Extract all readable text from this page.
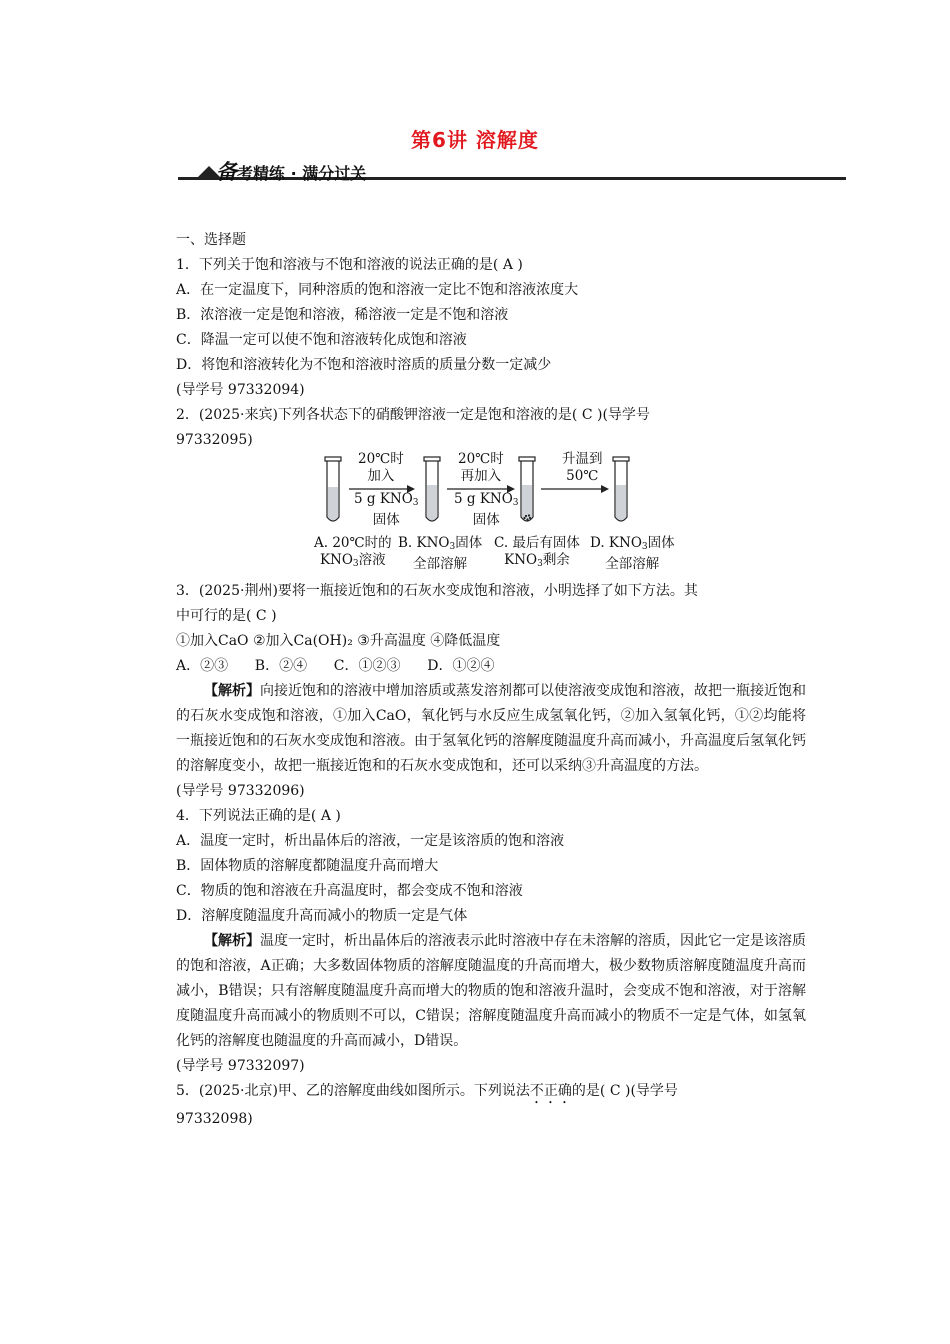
第6讲 溶解度
备考精练 · 满分过关
一、选择题
1．下列关于饱和溶液与不饱和溶液的说法正确的是( A )
A．在一定温度下，同种溶质的饱和溶液一定比不饱和溶液浓度大
B．浓溶液一定是饱和溶液，稀溶液一定是不饱和溶液
C．降温一定可以使不饱和溶液转化成饱和溶液
D．将饱和溶液转化为不饱和溶液时溶质的质量分数一定减少
(导学号 97332094)
2．(2025·来宾)下列各状态下的硝酸钾溶液一定是饱和溶液的是( C )(导学号
97332095)
20℃时
加入
5 g $KNO_3$
固体
20℃时
再加入
5 g $KNO_3$
固体
升温到
50℃
A. 20℃时的
$KNO_3$溶液
B. $KNO_3$固体
全部溶解
C. 最后有固体
$KNO_3$剩余
D. $KNO_3$固体
全部溶解
3．(2025·荆州)要将一瓶接近饱和的石灰水变成饱和溶液，小明选择了如下方法。其
中可行的是( C )
①加入CaO ②加入Ca(OH)₂ ③升高温度 ④降低温度
A．②③      B．②④      C．①②③      D．①②④
【解析】向接近饱和的溶液中增加溶质或蒸发溶剂都可以使溶液变成饱和溶液，故把一瓶接近饱和的石灰水变成饱和溶液，①加入CaO，氧化钙与水反应生成氢氧化钙，②加入氢氧化钙，①②均能将一瓶接近饱和的石灰水变成饱和溶液。由于氢氧化钙的溶解度随温度升高而减小，升高温度后氢氧化钙的溶解度变小，故把一瓶接近饱和的石灰水变成饱和，还可以采纳③升高温度的方法。
(导学号 97332096)
4．下列说法正确的是( A )
A．温度一定时，析出晶体后的溶液，一定是该溶质的饱和溶液
B．固体物质的溶解度都随温度升高而增大
C．物质的饱和溶液在升高温度时，都会变成不饱和溶液
D．溶解度随温度升高而减小的物质一定是气体
【解析】温度一定时，析出晶体后的溶液表示此时溶液中存在未溶解的溶质，因此它一定是该溶质的饱和溶液，A正确；大多数固体物质的溶解度随温度的升高而增大，极少数物质溶解度随温度升高而减小，B错误；只有溶解度随温度升高而增大的物质的饱和溶液升温时，会变成不饱和溶液，对于溶解度随温度升高而减小的物质则不可以，C错误；溶解度随温度升高而减小的物质不一定是气体，如氢氧化钙的溶解度也随温度的升高而减小，D错误。
(导学号 97332097)
5．(2025·北京)甲、乙的溶解度曲线如图所示。下列说法不正确的是( C )(导学号
97332098)
